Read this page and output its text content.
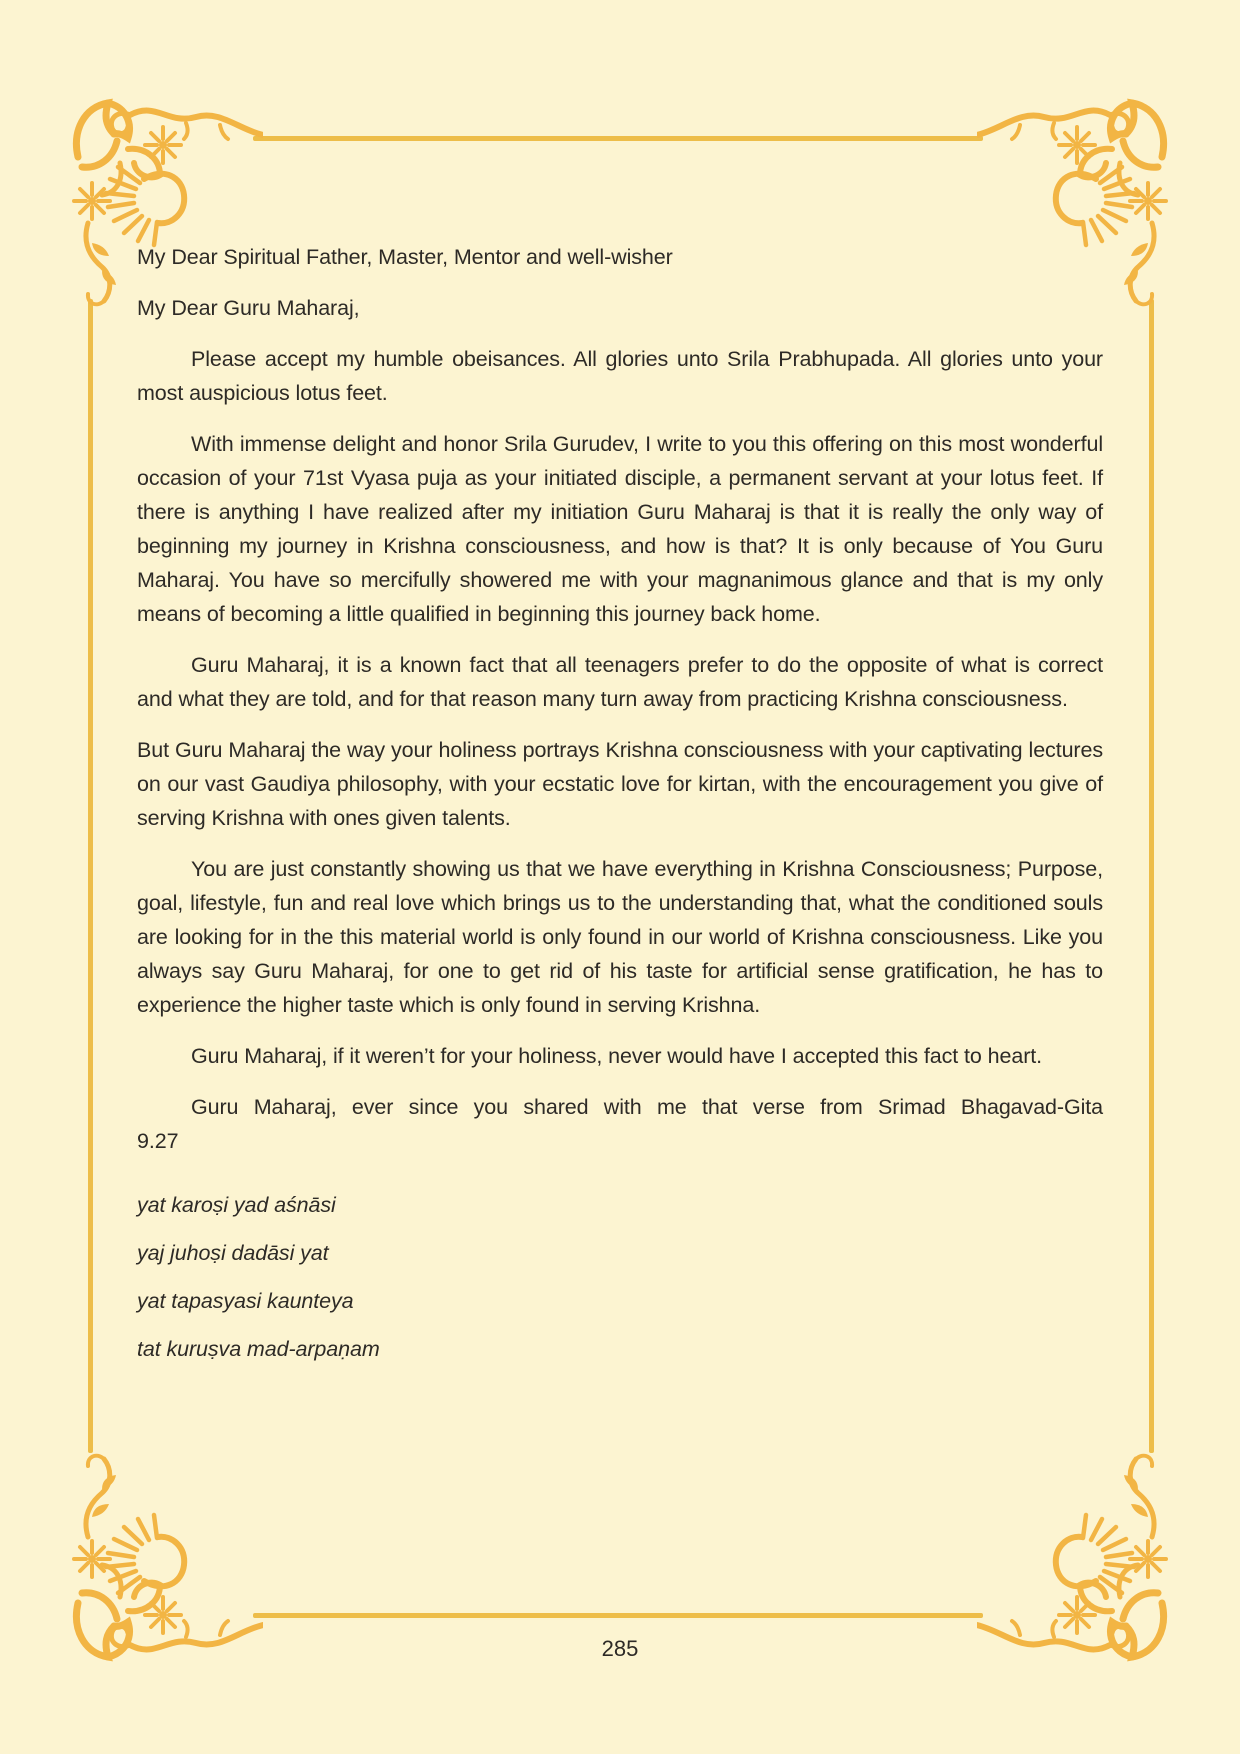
My Dear Spiritual Father, Master, Mentor and well-wisher

My Dear Guru Maharaj,

Please accept my humble obeisances. All glories unto Srila Prabhupada. All glories unto your most auspicious lotus feet.

With immense delight and honor Srila Gurudev, I write to you this offering on this most wonderful occasion of your 71st Vyasa puja as your initiated disciple, a permanent servant at your lotus feet. If there is anything I have realized after my initiation Guru Maharaj is that it is really the only way of beginning my journey in Krishna consciousness, and how is that? It is only because of You Guru Maharaj. You have so mercifully showered me with your magnanimous glance and that is my only means of becoming a little qualified in beginning this journey back home.

Guru Maharaj, it is a known fact that all teenagers prefer to do the opposite of what is correct and what they are told, and for that reason many turn away from practicing Krishna consciousness.

But Guru Maharaj the way your holiness portrays Krishna consciousness with your captivating lectures on our vast Gaudiya philosophy, with your ecstatic love for kirtan, with the encouragement you give of serving Krishna with ones given talents.

You are just constantly showing us that we have everything in Krishna Consciousness; Purpose, goal, lifestyle, fun and real love which brings us to the understanding that, what the conditioned souls are looking for in the this material world is only found in our world of Krishna consciousness. Like you always say Guru Maharaj, for one to get rid of his taste for artificial sense gratification, he has to experience the higher taste which is only found in serving Krishna.

Guru Maharaj, if it weren’t for your holiness, never would have I accepted this fact to heart.

Guru Maharaj, ever since you shared with me that verse from Srimad Bhagavad-Gita

9.27

yat karoṣi yad aśnāsi

yaj juhoṣi dadāsi yat

yat tapasyasi kaunteya

tat kuruṣva mad-arpaṇam

285
